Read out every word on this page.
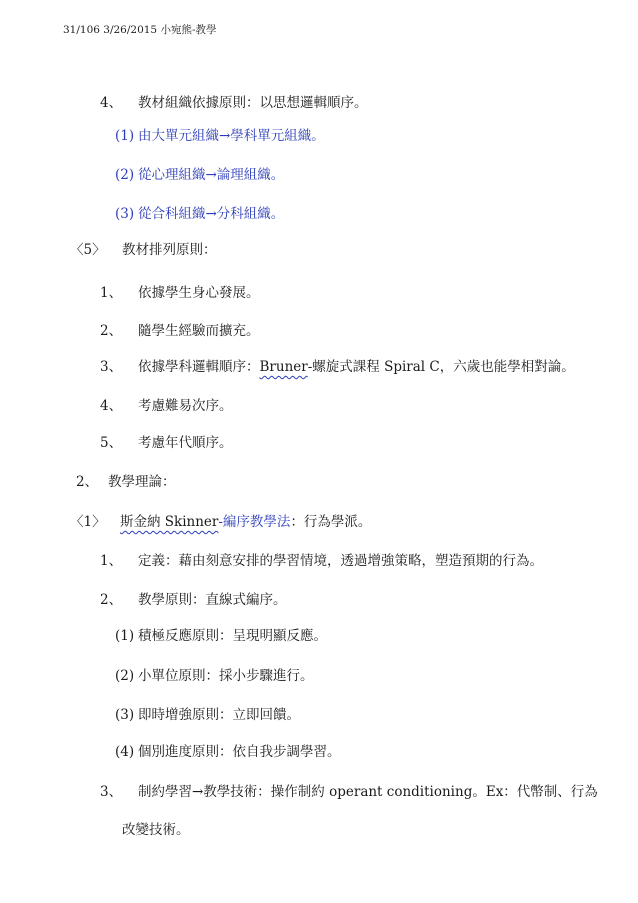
31/106 3/26/2015 小宛熊-教學
4、 教材組織依據原則：以思想邏輯順序。
(1) 由大單元組織→學科單元組織。
(2) 從心理組織→論理組織。
(3) 從合科組織→分科組織。
〈5〉 教材排列原則：
1、 依據學生身心發展。
2、 隨學生經驗而擴充。
3、 依據學科邏輯順序：Bruner-螺旋式課程 Spiral C，六歲也能學相對論。
4、 考慮難易次序。
5、 考慮年代順序。
2、 教學理論：
〈1〉 斯金納 Skinner-編序教學法：行為學派。
1、 定義：藉由刻意安排的學習情境，透過增強策略，塑造預期的行為。
2、 教學原則：直線式編序。
(1) 積極反應原則：呈現明顯反應。
(2) 小單位原則：採小步驟進行。
(3) 即時增強原則：立即回饋。
(4) 個別進度原則：依自我步調學習。
3、 制約學習→教學技術：操作制約 operant conditioning。Ex：代幣制、行為
改變技術。
